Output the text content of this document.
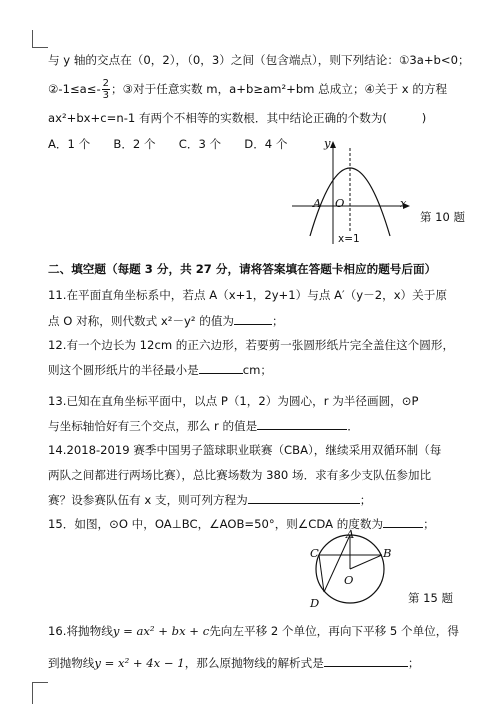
与 y 轴的交点在（0，2），（0，3）之间（包含端点），则下列结论：①3a+b<0；
②-1≤a≤- $\frac{2}{3}$ ；③对于任意实数 m，a+b≥am²+bm 总成立；④关于 x 的方程
ax²+bx+c=n-1 有两个不相等的实数根．其中结论正确的个数为(　　　)
A．1 个　　B．2 个　　C．3 个　　D．4 个	y
x
O
A
x=1
第 10 题
二、填空题（每题 3 分，共 27 分，请将答案填在答题卡相应的题号后面）
11.在平面直角坐标系中，若点 A（x+1，2y+1）与点 A′（y－2，x）关于原
点 O 对称，则代数式 x²－y² 的值为	；
12.有一个边长为 12cm 的正六边形，若要剪一张圆形纸片完全盖住这个圆形，
则这个圆形纸片的半径最小是	cm；
13.已知在直角坐标平面中，以点 P（1，2）为圆心，r 为半径画圆，⊙P
与坐标轴恰好有三个交点，那么 r 的值是	．
14.2018-2019 赛季中国男子篮球职业联赛（CBA），继续采用双循环制（每
两队之间都进行两场比赛），总比赛场数为 380 场．求有多少支队伍参加比
赛？设参赛队伍有 x 支，则可列方程为	；
15．如图，⊙O 中，OA⊥BC，∠AOB=50°，则∠CDA 的度数为	；
A
B
C
D
O
第 15 题
16.将抛物线y = ax² + bx + c先向左平移 2 个单位，再向下平移 5 个单位，得
到抛物线y = x² + 4x − 1，那么原抛物线的解析式是	；
